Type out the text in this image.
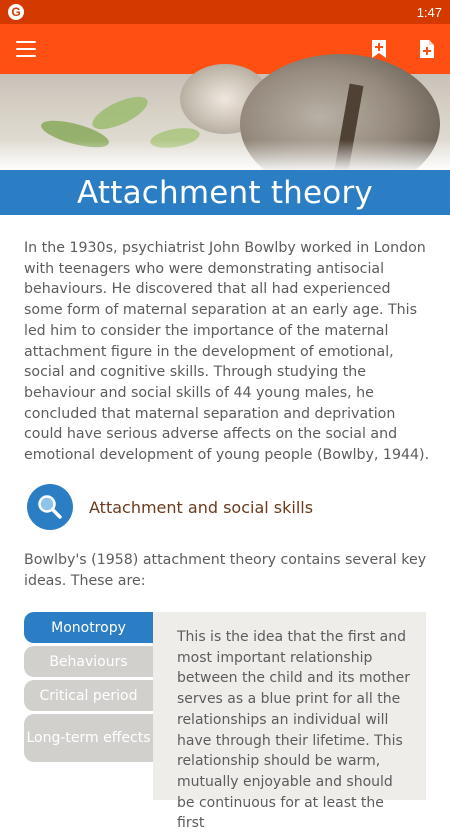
G	1:47
Attachment theory

In the 1930s, psychiatrist John Bowlby worked in London with teenagers who were demonstrating antisocial behaviours. He discovered that all had experienced some form of maternal separation at an early age. This led him to consider the importance of the maternal attachment figure in the development of emotional, social and cognitive skills. Through studying the behaviour and social skills of 44 young males, he concluded that maternal separation and deprivation could have serious adverse affects on the social and emotional development of young people (Bowlby, 1944).

Attachment and social skills

Bowlby's (1958) attachment theory contains several key ideas. These are:

Monotropy
Behaviours
Critical period
Long-term effects
This is the idea that the first and most important relationship between the child and its mother serves as a blue print for all the relationships an individual will have through their lifetime. This relationship should be warm, mutually enjoyable and should be continuous for at least the first
